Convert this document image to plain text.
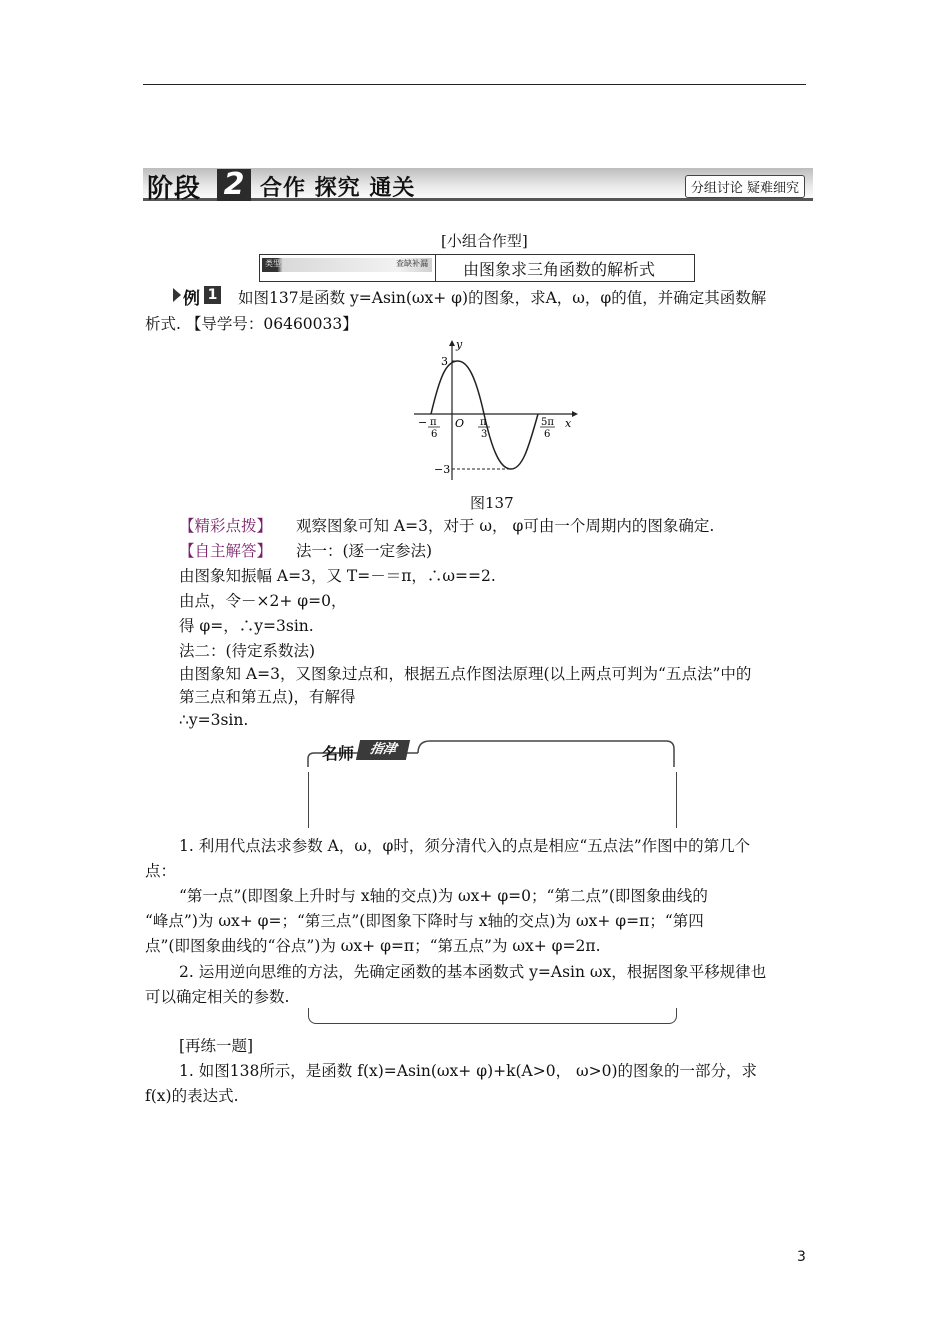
阶段 2 合作 探究 通关	分组讨论 疑难细究
[小组合作型]
类型	查缺补漏 由图象求三角函数的解析式
例 1 如图137是函数 y=Asin(ωx+ φ)的图象，求A，ω，φ的值，并确定其函数解
析式. 【导学号：06460033】
y
x
O
3
−3
− π
6
π
3
5π
6
图137
【精彩点拨】 观察图象可知 A=3，对于 ω， φ可由一个周期内的图象确定.
【自主解答】 法一：(逐一定参法)
由图象知振幅 A=3，又 T=－＝π，∴ω==2.
由点，令－×2+ φ=0，
得 φ=，∴y=3sin.
法二：(待定系数法)
由图象知 A=3，又图象过点和，根据五点作图法原理(以上两点可判为“五点法”中的
第三点和第五点)，有解得
∴y=3sin.
名师	指津
1. 利用代点法求参数 A，ω，φ时，须分清代入的点是相应“五点法”作图中的第几个
点：
“第一点”(即图象上升时与 x轴的交点)为 ωx+ φ=0；“第二点”(即图象曲线的
“峰点”)为 ωx+ φ=；“第三点”(即图象下降时与 x轴的交点)为 ωx+ φ=π；“第四
点”(即图象曲线的“谷点”)为 ωx+ φ=π；“第五点”为 ωx+ φ=2π.
2. 运用逆向思维的方法，先确定函数的基本函数式 y=Asin ωx，根据图象平移规律也
可以确定相关的参数.
[再练一题]
1. 如图138所示，是函数 f(x)=Asin(ωx+ φ)+k(A>0， ω>0)的图象的一部分，求
f(x)的表达式.
3
